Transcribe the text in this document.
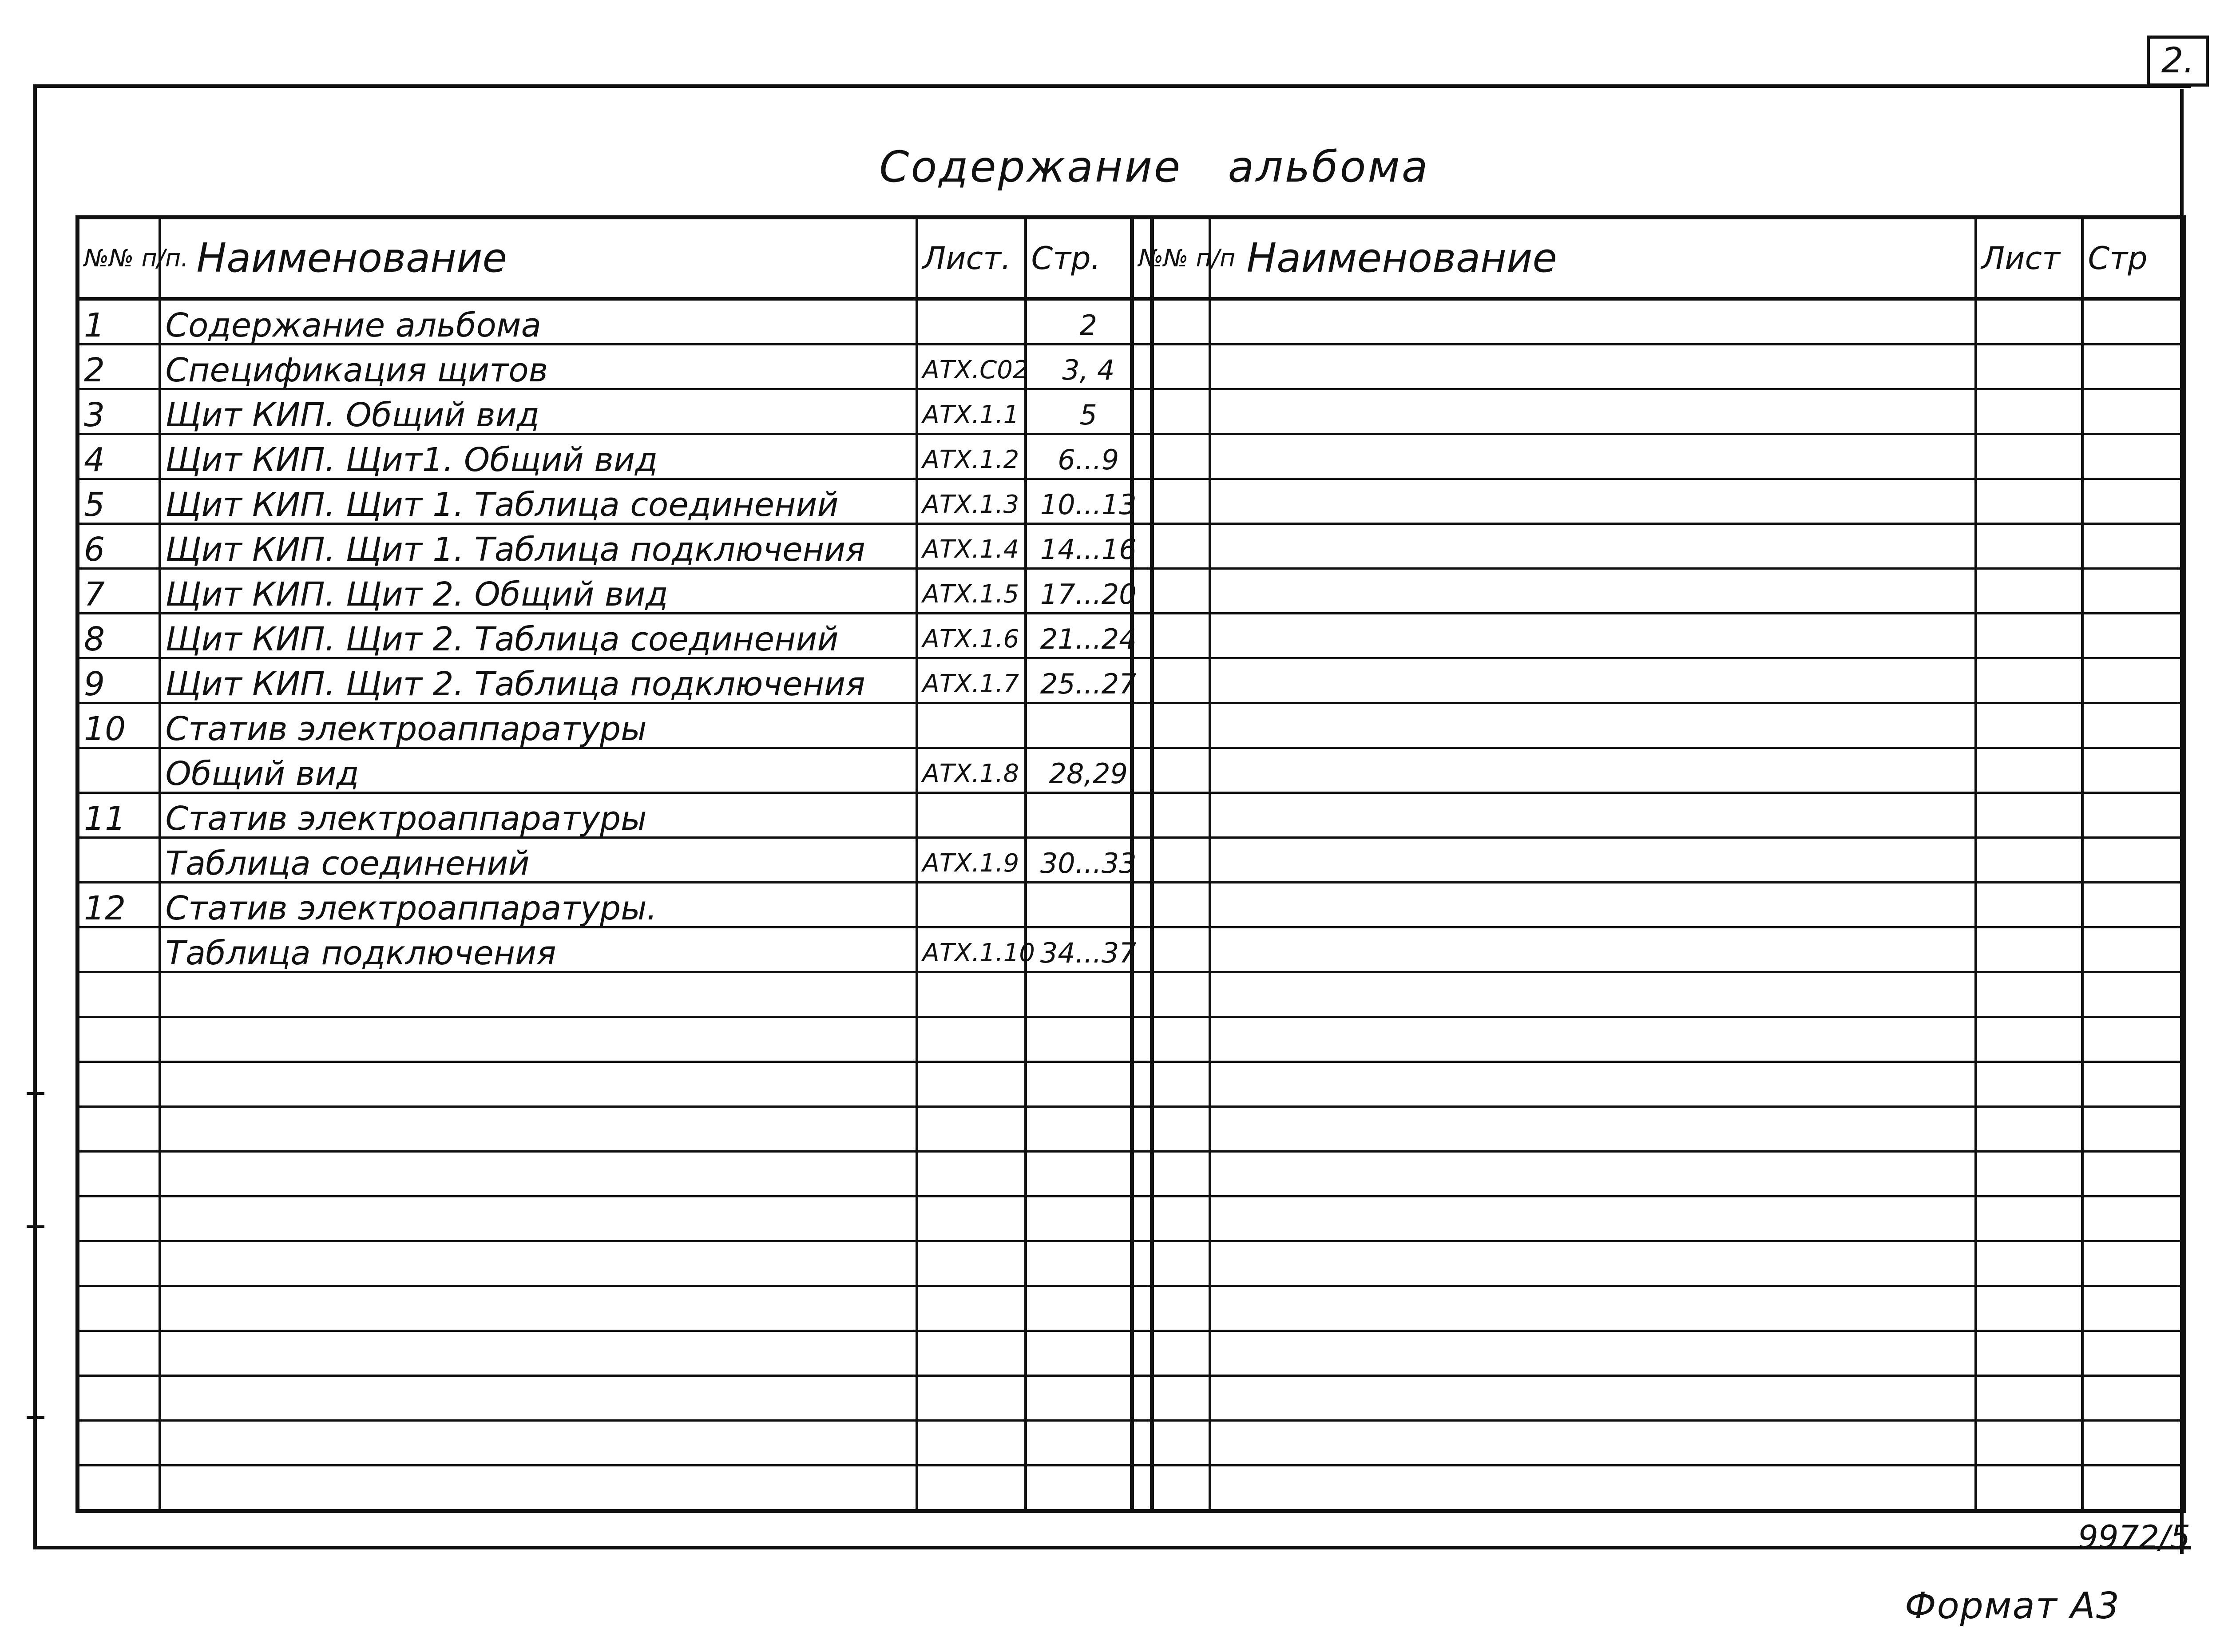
2.
Содержание   альбома
№№ п/п.	Наименование	Лист.	Стр.
1	Содержание альбома		2
2	Спецификация щитов	АТХ.С02	3, 4
3	Щит КИП. Общий вид	АТХ.1.1	5
4	Щит КИП. Щит1. Общий вид	АТХ.1.2	6...9
5	Щит КИП. Щит 1. Таблица соединений	АТХ.1.3	10...13
6	Щит КИП. Щит 1. Таблица подключения	АТХ.1.4	14...16
7	Щит КИП. Щит 2. Общий вид	АТХ.1.5	17...20
8	Щит КИП. Щит 2. Таблица соединений	АТХ.1.6	21...24
9	Щит КИП. Щит 2. Таблица подключения	АТХ.1.7	25...27
10	Статив электроаппаратуры		
	Общий вид	АТХ.1.8	28,29
11	Статив электроаппаратуры		
	Таблица соединений	АТХ.1.9	30...33
12	Статив электроаппаратуры.		
	Таблица подключения	АТХ.1.10	34...37

№№ п/п	Наименование	Лист	Стр

9972/5
Формат А3
